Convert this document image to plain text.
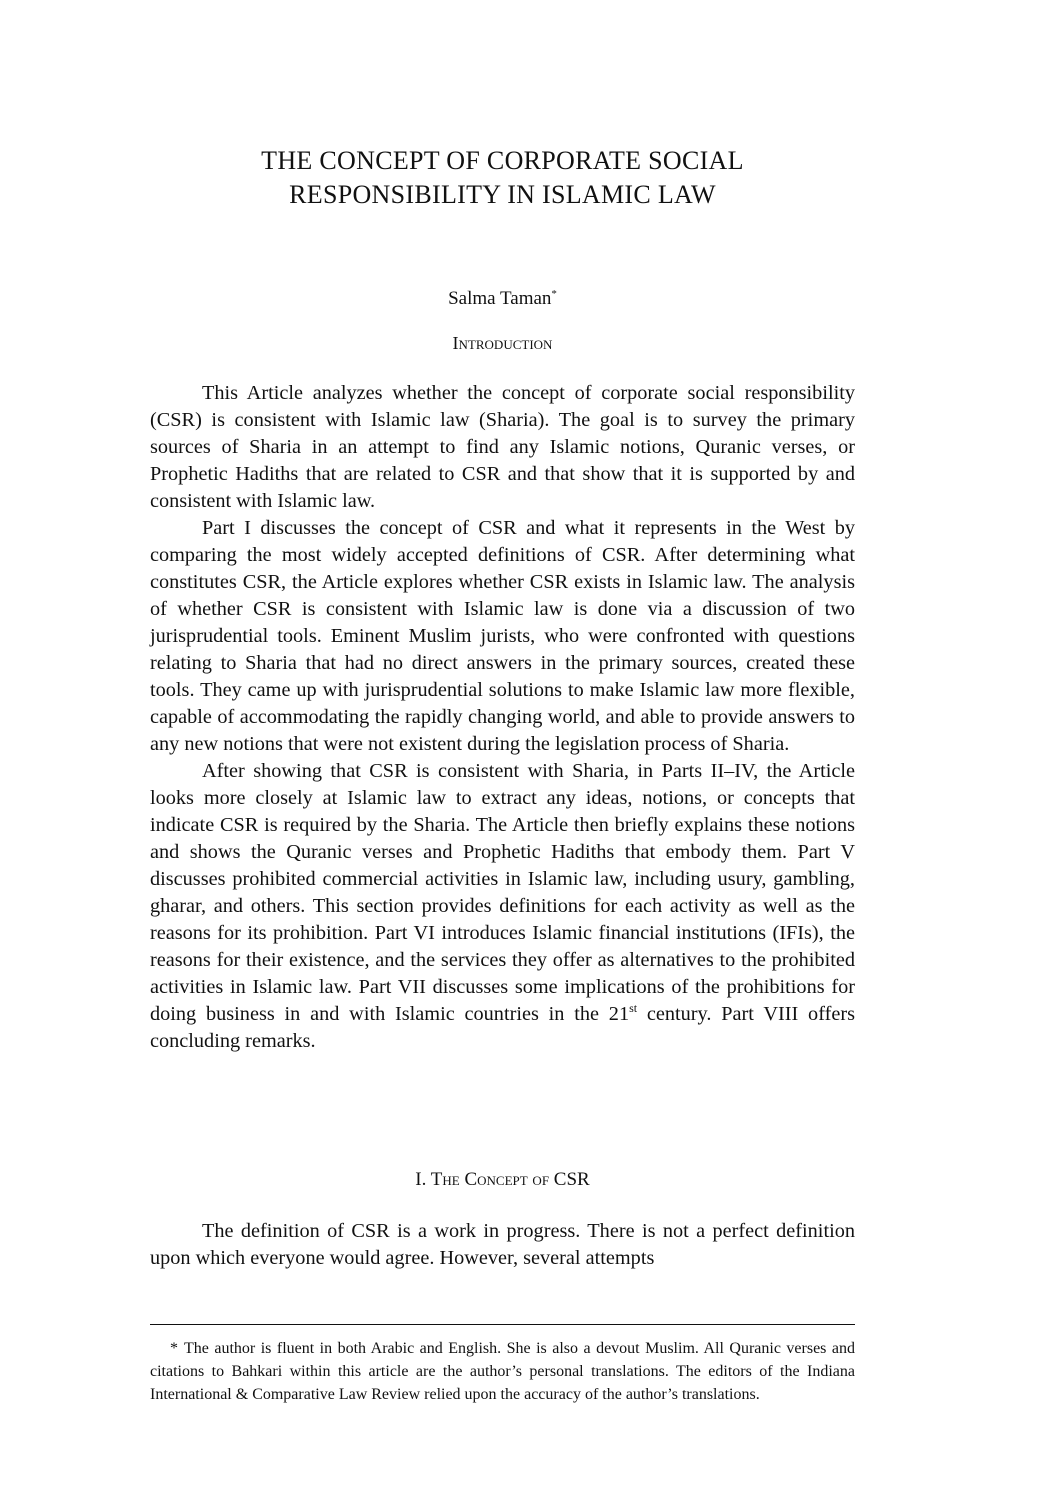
THE CONCEPT OF CORPORATE SOCIAL
RESPONSIBILITY IN ISLAMIC LAW
Salma Taman*
Introduction

This Article analyzes whether the concept of corporate social responsibility (CSR) is consistent with Islamic law (Sharia). The goal is to survey the primary sources of Sharia in an attempt to find any Islamic notions, Quranic verses, or Prophetic Hadiths that are related to CSR and that show that it is supported by and consistent with Islamic law.

Part I discusses the concept of CSR and what it represents in the West by comparing the most widely accepted definitions of CSR. After determining what constitutes CSR, the Article explores whether CSR exists in Islamic law. The analysis of whether CSR is consistent with Islamic law is done via a discussion of two jurisprudential tools. Eminent Muslim jurists, who were confronted with questions relating to Sharia that had no direct answers in the primary sources, created these tools. They came up with jurisprudential solutions to make Islamic law more flexible, capable of accommodating the rapidly changing world, and able to provide answers to any new notions that were not existent during the legislation process of Sharia.

After showing that CSR is consistent with Sharia, in Parts II–IV, the Article looks more closely at Islamic law to extract any ideas, notions, or concepts that indicate CSR is required by the Sharia. The Article then briefly explains these notions and shows the Quranic verses and Prophetic Hadiths that embody them. Part V discusses prohibited commercial activities in Islamic law, including usury, gambling, gharar, and others. This section provides definitions for each activity as well as the reasons for its prohibition. Part VI introduces Islamic financial institutions (IFIs), the reasons for their existence, and the services they offer as alternatives to the prohibited activities in Islamic law. Part VII discusses some implications of the prohibitions for doing business in and with Islamic countries in the 21st century. Part VIII offers concluding remarks.

I. The Concept of CSR

The definition of CSR is a work in progress. There is not a perfect definition upon which everyone would agree. However, several attempts

* The author is fluent in both Arabic and English. She is also a devout Muslim. All Quranic verses and citations to Bahkari within this article are the author’s personal translations. The editors of the Indiana International & Comparative Law Review relied upon the accuracy of the author’s translations.
